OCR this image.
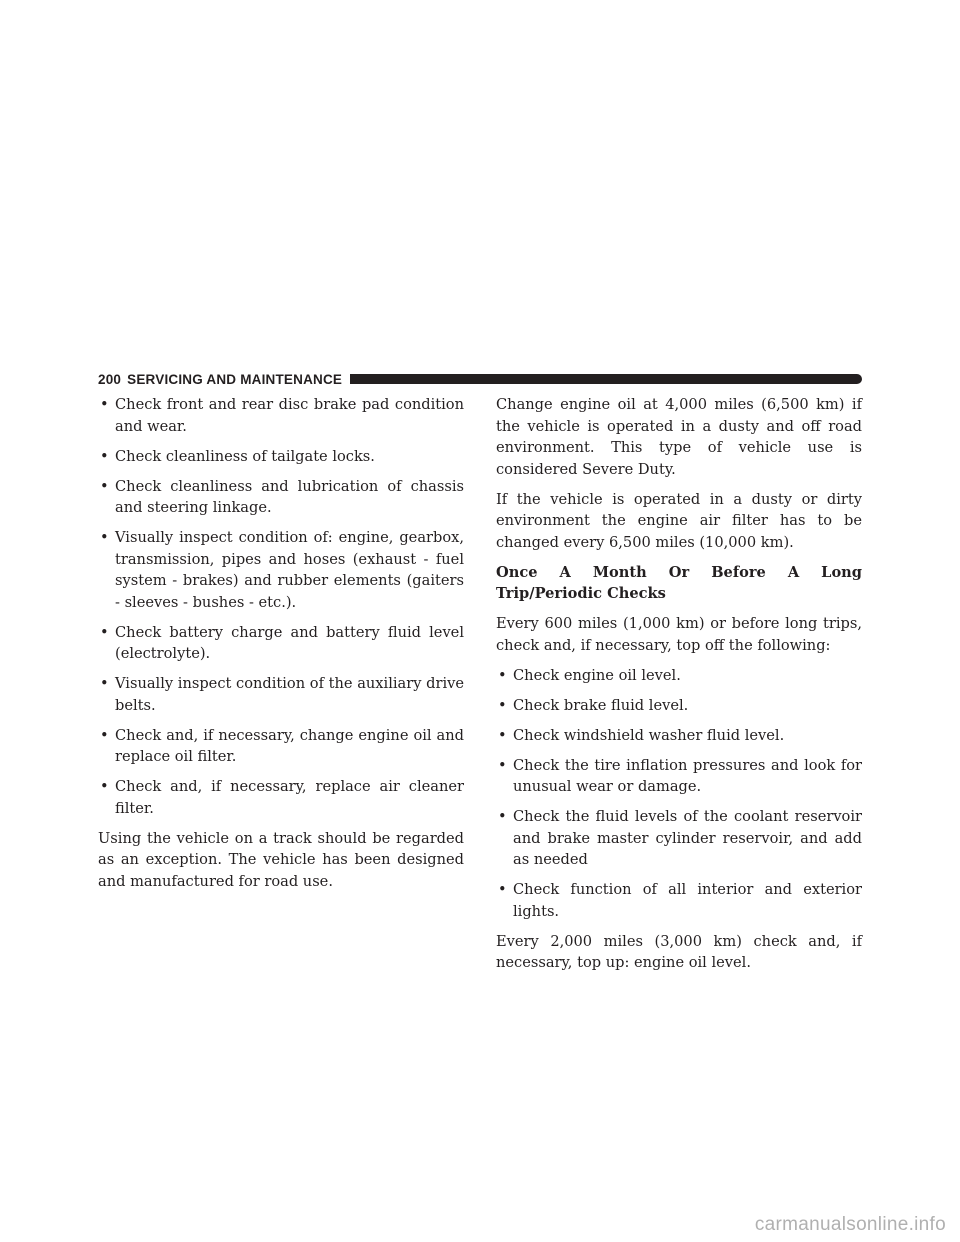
200 SERVICING AND MAINTENANCE
• Check front and rear disc brake pad condition and wear.
• Check cleanliness of tailgate locks.
• Check cleanliness and lubrication of chassis and steering linkage.
• Visually inspect condition of: engine, gearbox, transmission, pipes and hoses (exhaust - fuel system - brakes) and rubber elements (gaiters - sleeves - bushes - etc.).
• Check battery charge and battery fluid level (electrolyte).
• Visually inspect condition of the auxiliary drive belts.
• Check and, if necessary, change engine oil and replace oil filter.
• Check and, if necessary, replace air cleaner filter.

Using the vehicle on a track should be regarded as an exception. The vehicle has been designed and manufactured for road use.

Change engine oil at 4,000 miles (6,500 km) if the vehicle is operated in a dusty and off road environment. This type of vehicle use is considered Severe Duty.

If the vehicle is operated in a dusty or dirty environment the engine air filter has to be changed every 6,500 miles (10,000 km).

Once A Month Or Before A Long Trip/Periodic Checks

Every 600 miles (1,000 km) or before long trips, check and, if necessary, top off the following:

• Check engine oil level.
• Check brake fluid level.
• Check windshield washer fluid level.
• Check the tire inflation pressures and look for unusual wear or damage.
• Check the fluid levels of the coolant reservoir and brake master cylinder reservoir, and add as needed
• Check function of all interior and exterior lights.

Every 2,000 miles (3,000 km) check and, if necessary, top up: engine oil level.

carmanualsonline.info
